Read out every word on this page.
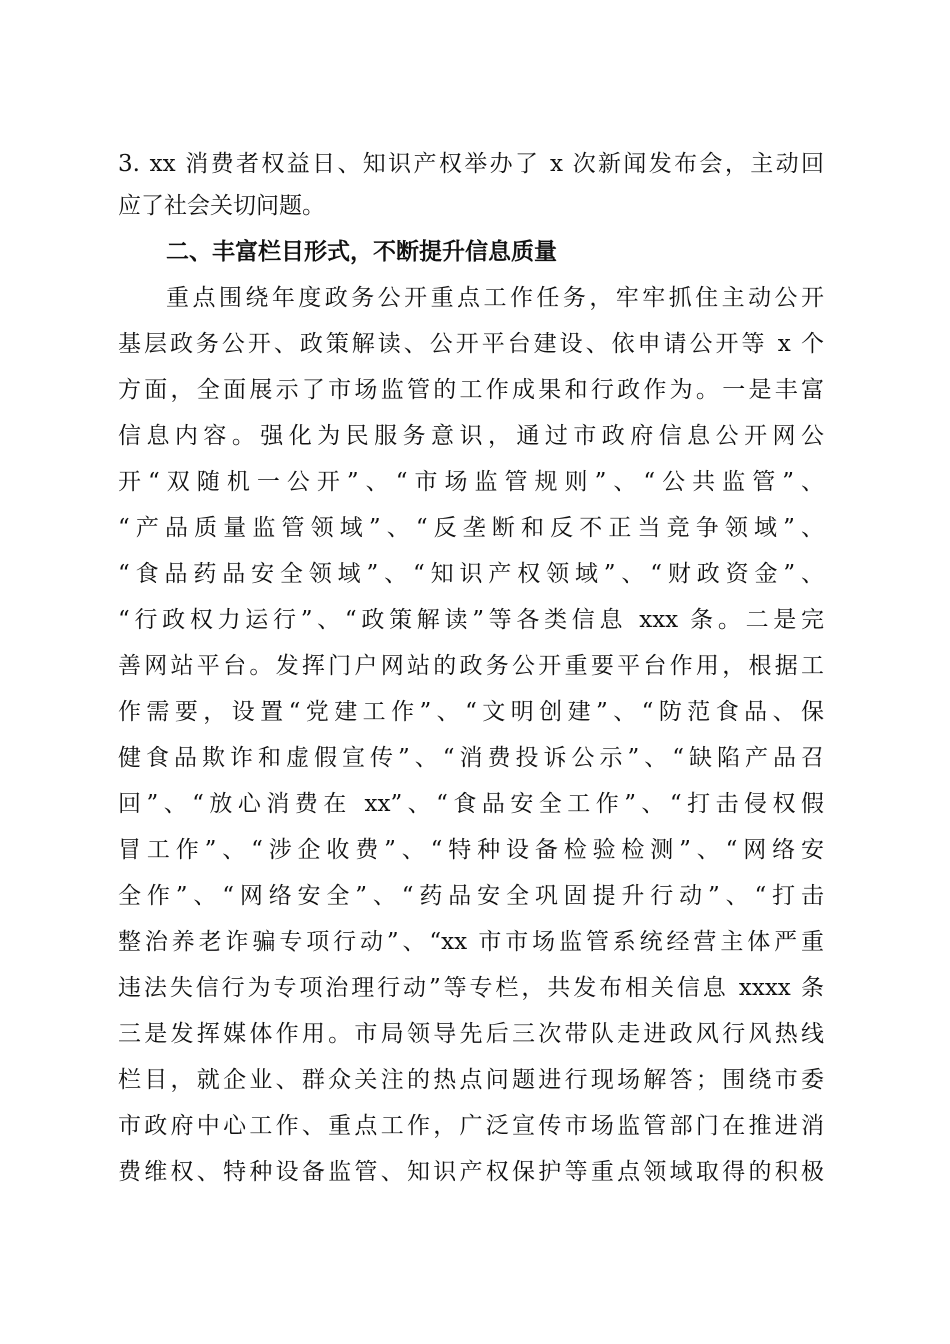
3. xx 消费者权益日、知识产权举办了 x 次新闻发布会，主动回
应了社会关切问题。
二、丰富栏目形式，不断提升信息质量
重点围绕年度政务公开重点工作任务，牢牢抓住主动公开
基层政务公开、政策解读、公开平台建设、依申请公开等 x 个
方面，全面展示了市场监管的工作成果和行政作为。一是丰富
信息内容。强化为民服务意识，通过市政府信息公开网公
开“双随机一公开”、“市场监管规则”、“公共监管”、
“产品质量监管领域”、“反垄断和反不正当竞争领域”、
“食品药品安全领域”、“知识产权领域”、“财政资金”、
“行政权力运行”、“政策解读”等各类信息 xxx 条。二是完
善网站平台。发挥门户网站的政务公开重要平台作用，根据工
作需要，设置“党建工作”、“文明创建”、“防范食品、保
健食品欺诈和虚假宣传”、“消费投诉公示”、“缺陷产品召
回”、“放心消费在 xx”、“食品安全工作”、“打击侵权假
冒工作”、“涉企收费”、“特种设备检验检测”、“网络安
全作”、“网络安全”、“药品安全巩固提升行动”、“打击
整治养老诈骗专项行动”、“xx 市市场监管系统经营主体严重
违法失信行为专项治理行动”等专栏，共发布相关信息 xxxx 条
三是发挥媒体作用。市局领导先后三次带队走进政风行风热线
栏目，就企业、群众关注的热点问题进行现场解答；围绕市委
市政府中心工作、重点工作，广泛宣传市场监管部门在推进消
费维权、特种设备监管、知识产权保护等重点领域取得的积极
